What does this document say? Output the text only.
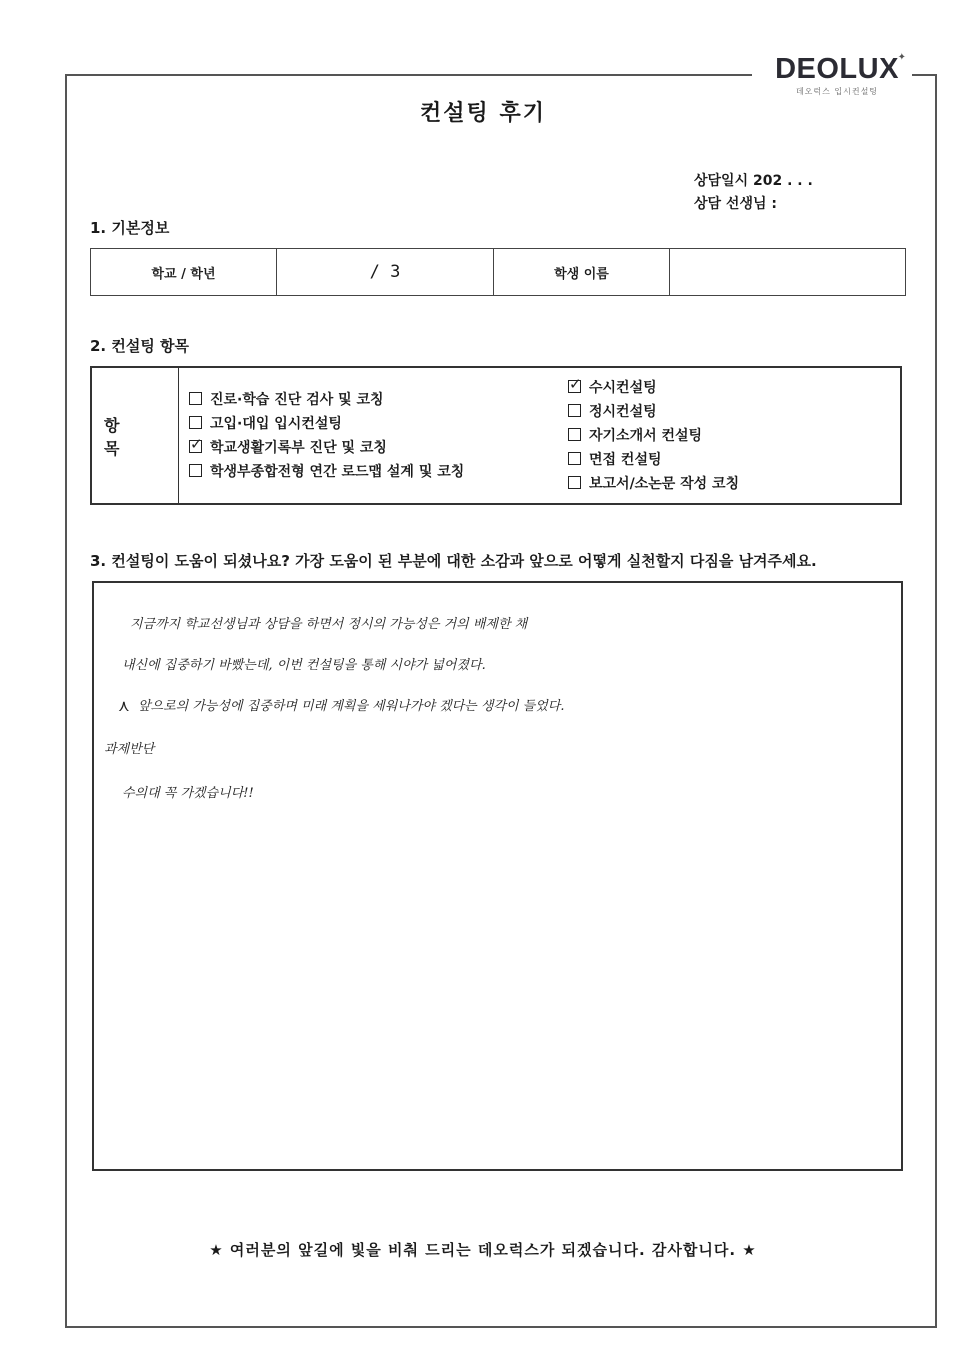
DEOLUX
데오럭스 입시컨설팅
✦
컨설팅 후기
상담일시 202 . . .
상담 선생님 :
1. 기본정보
학교 / 학년	/ 3	학생 이름	
2. 컨설팅 항목
항 목
진로·학습 진단 검사 및 코칭
고입·대입 입시컨설팅
✓학교생활기록부 진단 및 코칭
학생부종합전형 연간 로드맵 설계 및 코칭
✓수시컨설팅
정시컨설팅
자기소개서 컨설팅
면접 컨설팅
보고서/소논문 작성 코칭
3. 컨설팅이 도움이 되셨나요? 가장 도움이 된 부분에 대한 소감과 앞으로 어떻게 실천할지 다짐을 남겨주세요.
지금까지 학교선생님과 상담을 하면서 정시의 가능성은 거의 배제한 채
내신에 집중하기 바빴는데, 이번 컨설팅을 통해 시야가 넓어졌다.
⋏ 앞으로의 가능성에 집중하며 미래 계획을 세워나가야 겠다는 생각이 들었다.
과제반단
수의대 꼭 가겠습니다!!
★ 여러분의 앞길에 빛을 비춰 드리는 데오럭스가 되겠습니다. 감사합니다. ★
